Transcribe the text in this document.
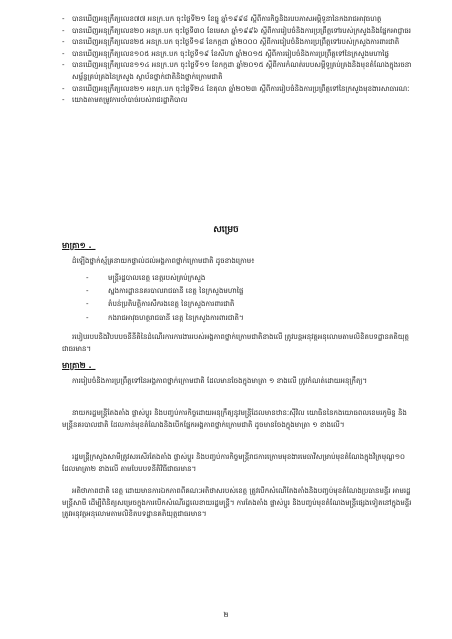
- បានឃើញអនុក្រឹត្យលេខ៧៧ អនក្រ.បក ចុះថ្ងៃទី២១ ខែធ្នូ ឆ្នាំ១៩៩៨ ស្ដីពីការកិច្ចនិងរបបភាសអម្ពិទូនានៃកងរាជអាវុធហត្ថ
- បានឃើញអនុក្រឹត្យលេខ២០ អនក្រ.បក ចុះថ្ងៃទី៣០ ខែមេសា ឆ្នាំ១៩៩៦ ស្ដីពីការរៀបចំនិងការប្រព្រឹត្តទៅរបស់ក្រសួងនិងផ្នែកអាជ្ញាធរ
- បានឃើញអនុក្រឹត្យលេខ២៥ អនក្រ.បក ចុះថ្ងៃទី១៨ ខែកក្កដា ឆ្នាំ២០០០ ស្ដីពីការរៀបចំនិងការប្រព្រឹត្តទៅរបស់ក្រសួងការពារជាតិ
- បានឃើញអនុក្រឹត្យលេខ១០៥ អនក្រ.បក ចុះថ្ងៃទី១៩ ខែសីហា ឆ្នាំ២០១៥ ស្ដីពីការរៀបចំនិងការប្រព្រឹត្តទៅនៃក្រសួងមហាផ្ទៃ
- បានឃើញអនុក្រឹត្យលេខ១១៤ អនក្រ.បក ចុះថ្ងៃទី១១ ខែកក្កដា ឆ្នាំ២០១៥ ស្ដីពីការកំណត់របបសម្ពីទូគ្រប់គ្រងនិងមុខតំណែងក្នុងរចនាសម្ព័ន្ធគ្រប់គ្រងនៃក្រសួង ស្ថាប័នថ្នាក់ជាតិនិងថ្នាក់ក្រោមជាតិ
- បានឃើញអនុក្រឹត្យលេខ២១ អនក្រ.បក ចុះថ្ងៃទី២៤ ខែតុលា ឆ្នាំ២០២៣ ស្ដីពីការរៀបចំនិងការប្រព្រឹត្តទៅនៃក្រសួងមុខងារសាធារណៈ
- យោងតាមតម្រូវការចាំបាច់របស់រាជរដ្ឋាភិបាល
សម្រេច
មាត្រា១ ._

ដំឡើងថ្នាក់ស្ម័គ្រនាយកផ្ទាល់ដល់អង្គភាពថ្នាក់ក្រោមជាតិ ដូចខាងក្រោម៖

- មន្ត្រីរដ្ឋបាលខេត្ត ខេត្តរបស់គ្រប់ក្រសួង
- ស្នងការដ្ឋាននគរបាលរាជធានី ខេត្ត នៃក្រសួងមហាផ្ទៃ
- តំបន់ប្រតិបត្តិការសឹករងខេត្ត នៃក្រសួងការពារជាតិ
- កងរាជអាវុធហត្ថរាជធានី ខេត្ត នៃក្រសួងការពារជាតិ។

របៀបរបបនិងវិបបបចនីនីតិនៃដំណើរការការងាររបស់អង្គភាពថ្នាក់ក្រោមជាតិខាងលើ ត្រូវបន្តអនុវត្តអនុលោមតាមលិខិតបទដ្ឋានគតិយុត្តជាធរមាន។

មាត្រា២ ._

ការរៀបចំនិងការប្រព្រឹត្តទៅនៃអង្គភាពថ្នាក់ក្រោមជាតិ ដែលមានចែងក្នុងមាត្រា ១ ខាងលើ ត្រូវកំណត់ដោយអនុក្រឹត្យ។

នាយករដ្ឋមន្ត្រីតែងតាំង ផ្ទាស់ប្ដូរ និងបញ្ចប់ការកិច្ចដោយអនុក្រឹត្យនូវមន្ត្រីដែលមានឋានៈស៊ីវិល យោធិននៃកងយោធពលខេមរភូមិន្ទ និងមន្ត្រីនគរបាលជាតិ ដែលកាន់មុខតំណែងនិងបើកផ្នែកអង្គភាពថ្នាក់ក្រោមជាតិ ដូចមានចែងក្នុងមាត្រា ១ ខាងលើ។

រដ្ឋមន្ត្រីក្រសួងសាមីត្រូវសរសើរតែងតាំង ផ្ទាស់ប្ដូរ និងបញ្ចប់ការកិច្ចមន្ត្រីរាជការក្រោមមុខងារមេធាវីសម្រាប់មុខតំណែងក្នុងវិក្រមុណ្ឌ១០ ដែលមាត្រា២ ខាងលើ តាមបែបបទនីតិវិធីជាធរមាន។

អតិថាភាពជាតិ ខេត្ត ដោយមានការឯកភាពពីគណៈអតិថាសរបស់ខេត្ត ត្រូវបើកសំណើតែងតាំងនិងបញ្ចប់មុខតំណែងប្រធានមន្ទីរ អាមរដ្ឋមន្ត្រីសាមី ដើម្បីពិនិត្យសម្រេចក្នុងការបើកសំណើរដ្ឋលេខាយរដ្ឋមន្ត្រី។ ការតែងតាំង ផ្ទាស់ប្ដូរ និងបញ្ចប់មុខតំណែងមន្ត្រីផ្សេងទៀតនៅក្នុងមន្ទីរ ត្រូវអនុវត្តអនុលោមតាមលិខិតបទដ្ឋានគតិយុត្តជាធរមាន។

២
